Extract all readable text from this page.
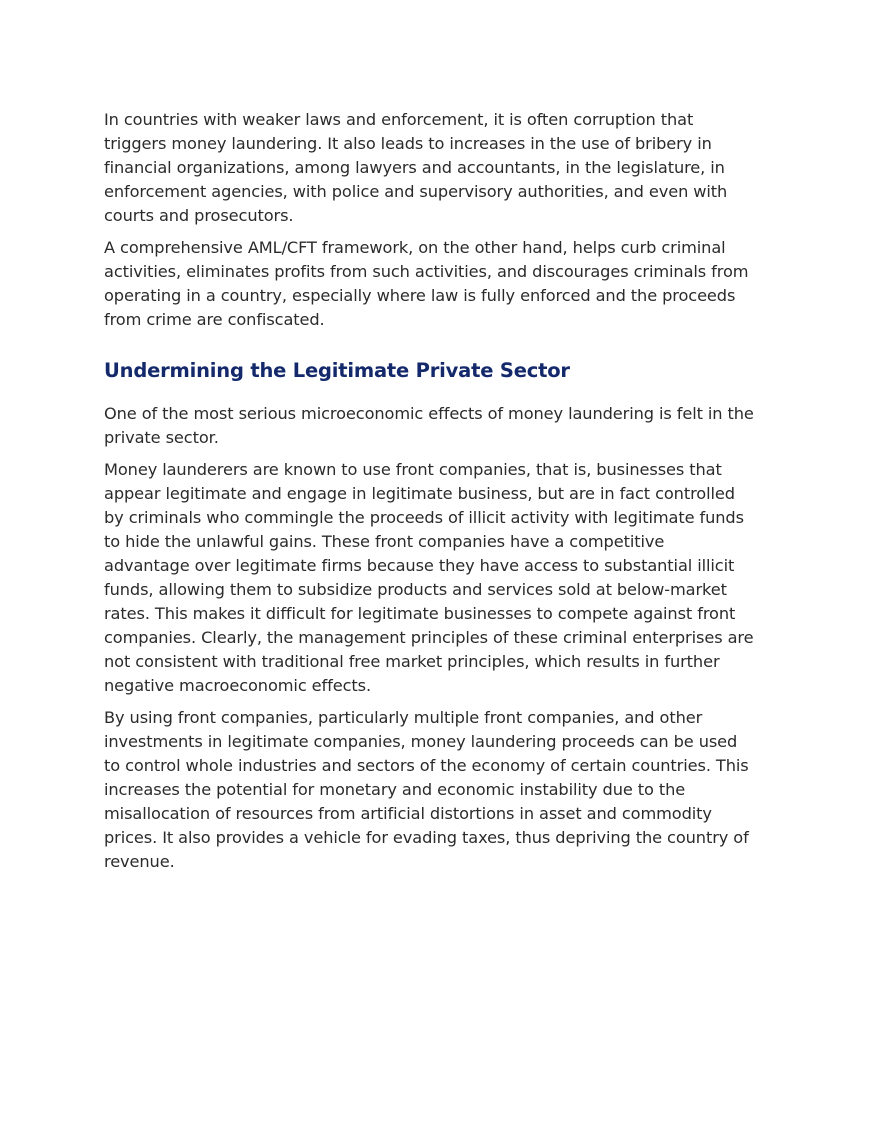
In countries with weaker laws and enforcement, it is often corruption that triggers money laundering. It also leads to increases in the use of bribery in financial organizations, among lawyers and accountants, in the legislature, in enforcement agencies, with police and supervisory authorities, and even with courts and prosecutors.

A comprehensive AML/CFT framework, on the other hand, helps curb criminal activities, eliminates profits from such activities, and discourages criminals from operating in a country, especially where law is fully enforced and the proceeds from crime are confiscated.

Undermining the Legitimate Private Sector

One of the most serious microeconomic effects of money laundering is felt in the private sector.

Money launderers are known to use front companies, that is, businesses that appear legitimate and engage in legitimate business, but are in fact controlled by criminals who commingle the proceeds of illicit activity with legitimate funds to hide the unlawful gains. These front companies have a competitive advantage over legitimate firms because they have access to substantial illicit funds, allowing them to subsidize products and services sold at below-market rates. This makes it difficult for legitimate businesses to compete against front companies. Clearly, the management principles of these criminal enterprises are not consistent with traditional free market principles, which results in further negative macroeconomic effects.

By using front companies, particularly multiple front companies, and other investments in legitimate companies, money laundering proceeds can be used to control whole industries and sectors of the economy of certain countries. This increases the potential for monetary and economic instability due to the misallocation of resources from artificial distortions in asset and commodity prices. It also provides a vehicle for evading taxes, thus depriving the country of revenue.
